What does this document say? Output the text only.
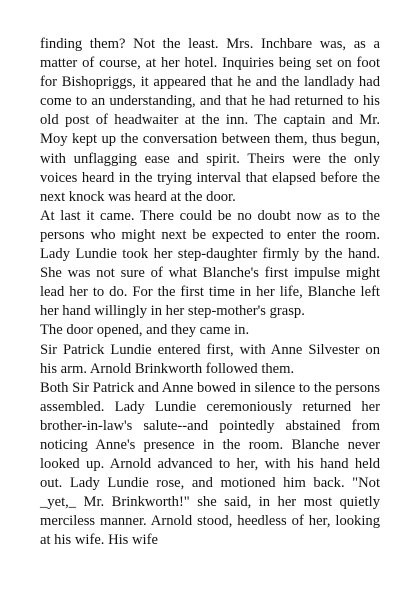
finding them? Not the least. Mrs. Inchbare was, as a matter of course, at her hotel. Inquiries being set on foot for Bishopriggs, it appeared that he and the landlady had come to an understanding, and that he had returned to his old post of headwaiter at the inn. The captain and Mr. Moy kept up the conversation between them, thus begun, with unflagging ease and spirit. Theirs were the only voices heard in the trying interval that elapsed before the next knock was heard at the door.

At last it came. There could be no doubt now as to the persons who might next be expected to enter the room. Lady Lundie took her step-daughter firmly by the hand. She was not sure of what Blanche's first impulse might lead her to do. For the first time in her life, Blanche left her hand willingly in her step-mother's grasp.

The door opened, and they came in.

Sir Patrick Lundie entered first, with Anne Silvester on his arm. Arnold Brinkworth followed them.

Both Sir Patrick and Anne bowed in silence to the persons assembled. Lady Lundie ceremoniously returned her brother-in-law's salute--and pointedly abstained from noticing Anne's presence in the room. Blanche never looked up. Arnold advanced to her, with his hand held out. Lady Lundie rose, and motioned him back. "Not _yet,_ Mr. Brinkworth!" she said, in her most quietly merciless manner. Arnold stood, heedless of her, looking at his wife. His wife
